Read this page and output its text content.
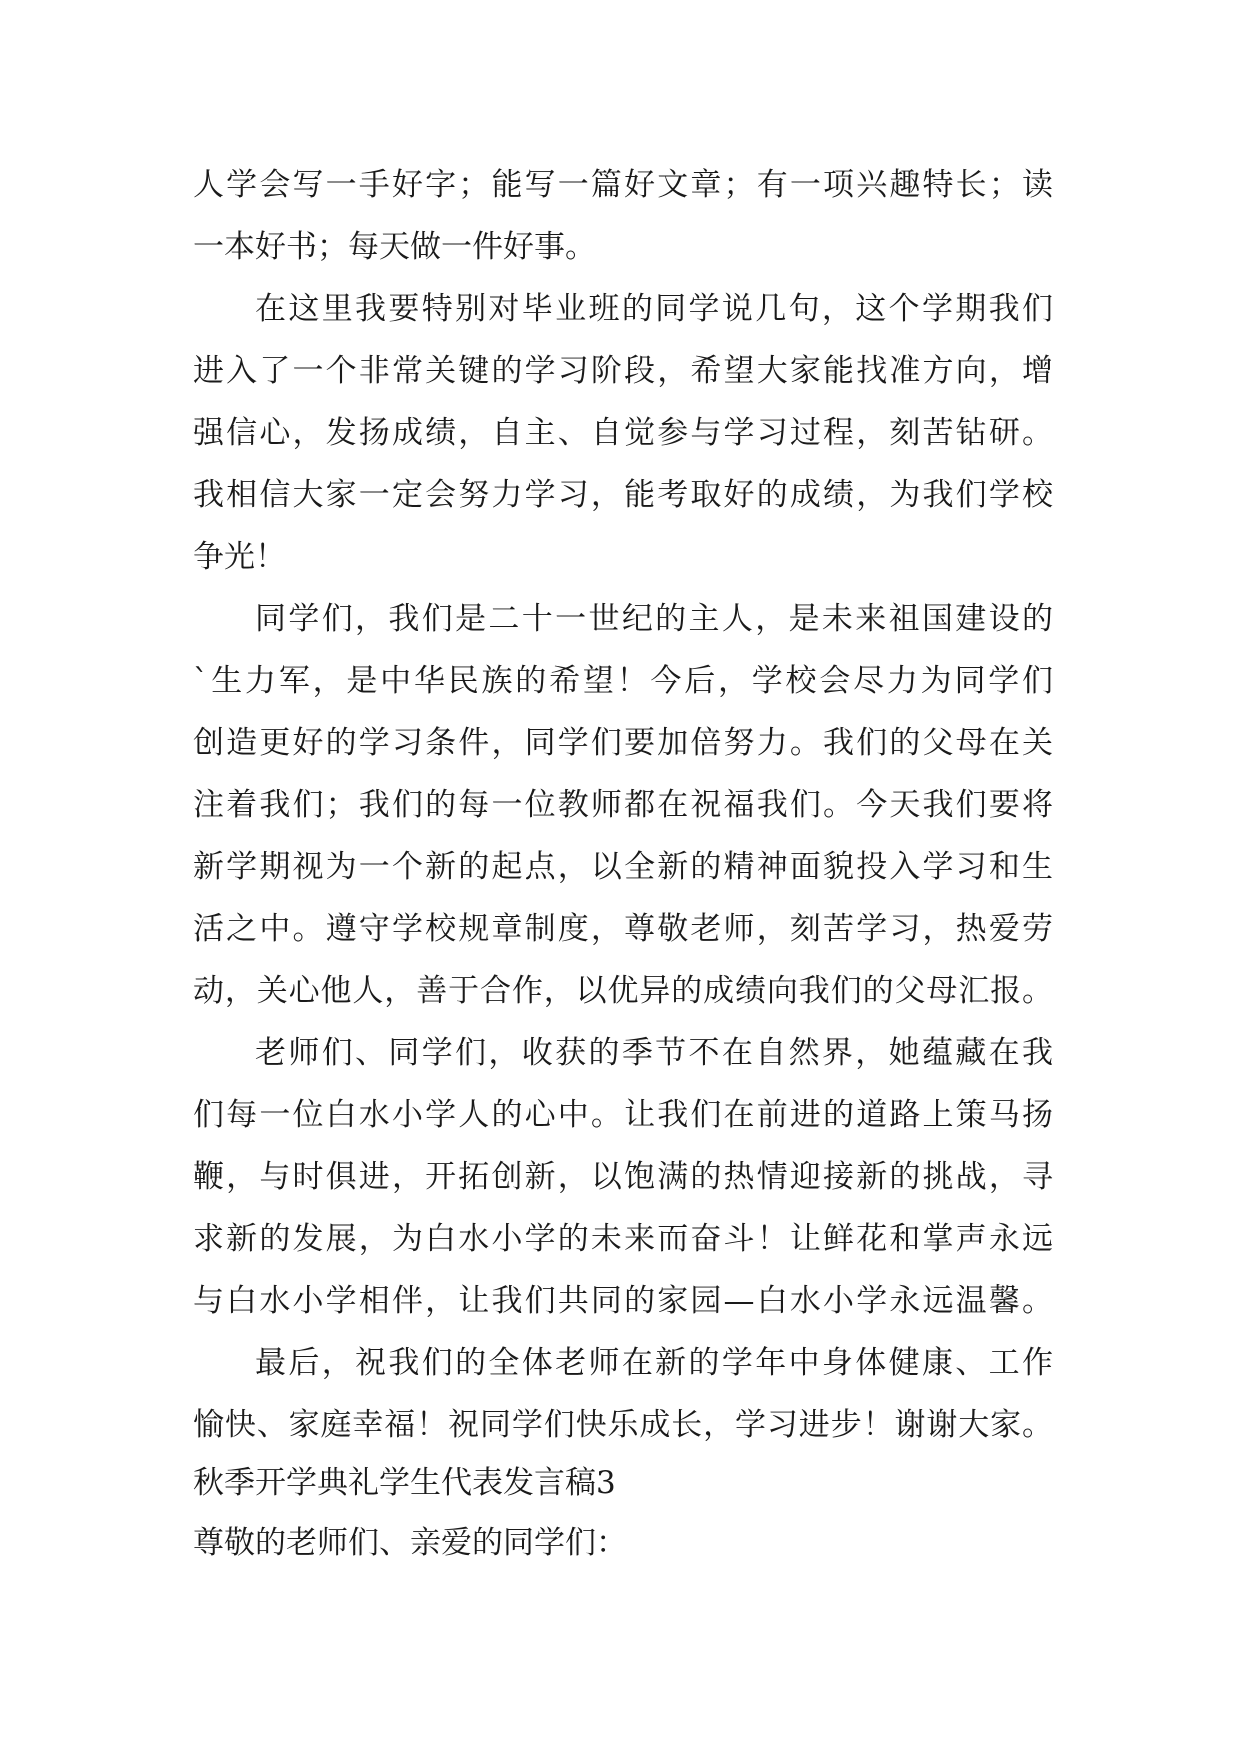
人学会写一手好字；能写一篇好文章；有一项兴趣特长；读

一本好书；每天做一件好事。

在这里我要特别对毕业班的同学说几句，这个学期我们

进入了一个非常关键的学习阶段，希望大家能找准方向，增

强信心，发扬成绩，自主、自觉参与学习过程，刻苦钻研。

我相信大家一定会努力学习，能考取好的成绩，为我们学校

争光！

同学们，我们是二十一世纪的主人，是未来祖国建设的

`生力军，是中华民族的希望！今后，学校会尽力为同学们

创造更好的学习条件，同学们要加倍努力。我们的父母在关

注着我们；我们的每一位教师都在祝福我们。今天我们要将

新学期视为一个新的起点，以全新的精神面貌投入学习和生

活之中。遵守学校规章制度，尊敬老师，刻苦学习，热爱劳

动，关心他人，善于合作，以优异的成绩向我们的父母汇报。

老师们、同学们，收获的季节不在自然界，她蕴藏在我

们每一位白水小学人的心中。让我们在前进的道路上策马扬

鞭，与时俱进，开拓创新，以饱满的热情迎接新的挑战，寻

求新的发展，为白水小学的未来而奋斗！让鲜花和掌声永远

与白水小学相伴，让我们共同的家园—白水小学永远温馨。

最后，祝我们的全体老师在新的学年中身体健康、工作

愉快、家庭幸福！祝同学们快乐成长，学习进步！谢谢大家。

秋季开学典礼学生代表发言稿3

尊敬的老师们、亲爱的同学们：
